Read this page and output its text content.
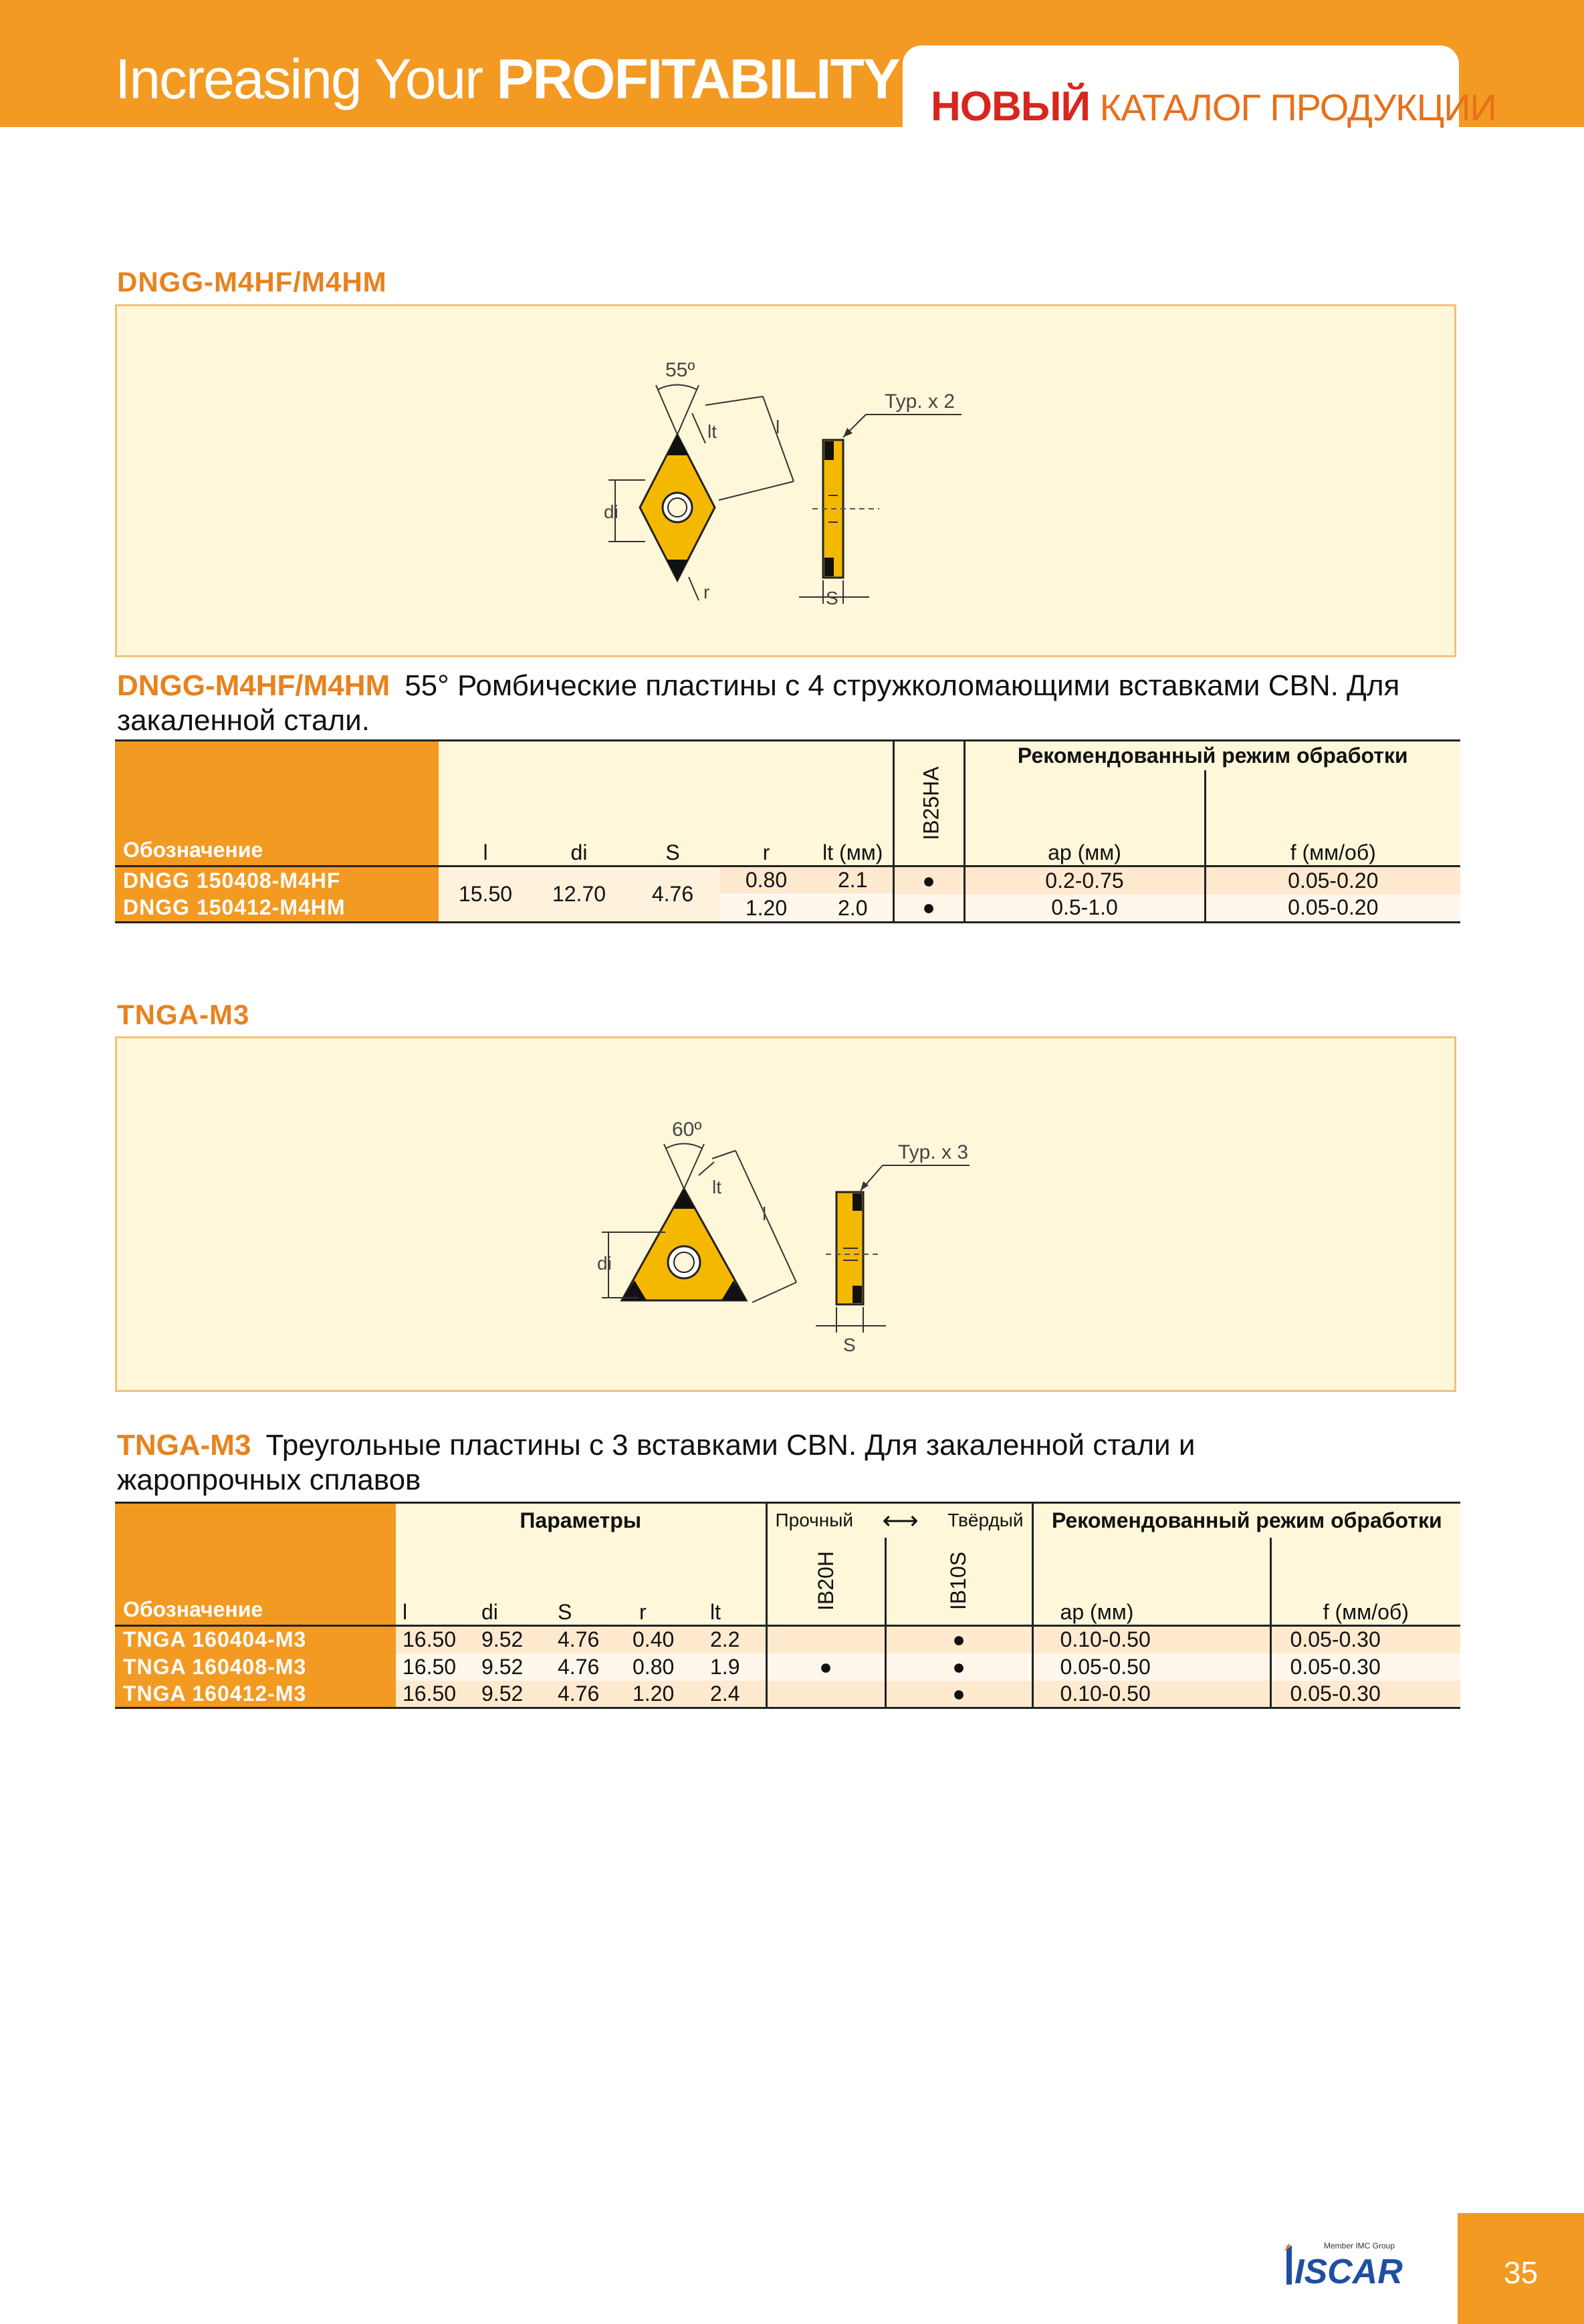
Increasing Your PROFITABILITY НОВЫЙ КАТАЛОГ ПРОДУКЦИИ
DNGG-M4HF/M4HM
55º
lt	l
di
r
Typ. x 2
S
DNGG-M4HF/M4HM 55° Ромбические пластины с 4 стружколомающими вставками CBN. Для закаленной стали.
Обозначение	l	di	S	r	lt (мм)	IB25HA	Рекомендованный режим обработки	
							ap (мм)	f (мм/об)
DNGG 150408-M4HF	15.50	12.70	4.76	0.80	2.1	●	0.2-0.75	0.05-0.20
DNGG 150412-M4HM				1.20	2.0	●	0.5-1.0	0.05-0.20
TNGA-M3
60º
lt
l
di
Typ. x 3
S
TNGA-M3 Треугольные пластины с 3 вставками CBN. Для закаленной стали и жаропрочных сплавов
Обозначение	Параметры					Прочный ⟷ Твёрдый		Рекомендованный режим обработки	
	l	di	S	r	lt	IB20H	IB10S	ap (мм)	f (мм/об)
TNGA 160404-M3	16.50	9.52	4.76	0.40	2.2		●	0.10-0.50	0.05-0.30
TNGA 160408-M3	16.50	9.52	4.76	0.80	1.9	●	●	0.05-0.50	0.05-0.30
TNGA 160412-M3	16.50	9.52	4.76	1.20	2.4		●	0.10-0.50	0.05-0.30
ISCAR
Member IMC Group
35
